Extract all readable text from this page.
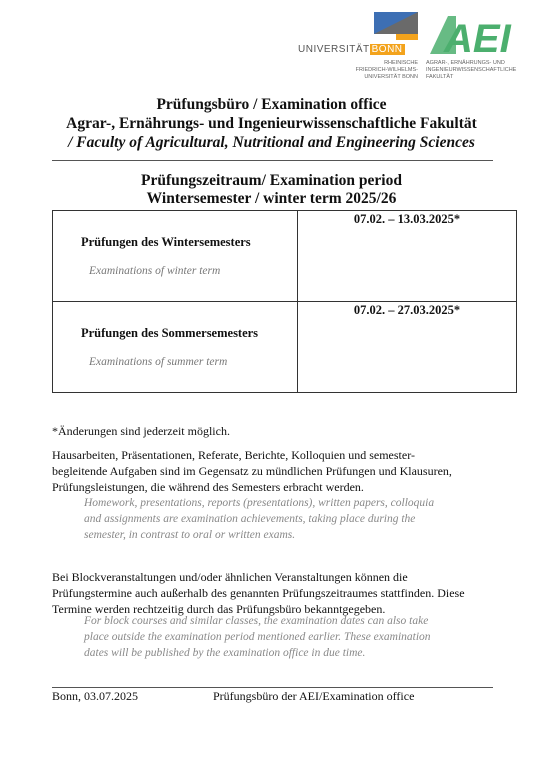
UNIVERSITÄT BONN
RHEINISCHE
FRIEDRICH-WILHELMS-
UNIVERSITÄT BONN
AEI
AGRAR-, ERNÄHRUNGS- UND
INGENIEURWISSENSCHAFTLICHE
FAKULTÄT
Prüfungsbüro / Examination office
Agrar-, Ernährungs- und Ingenieurwissenschaftliche Fakultät
/ Faculty of Agricultural, Nutritional and Engineering Sciences
Prüfungszeitraum/ Examination period
Wintersemester / winter term 2025/26
Prüfungen des Wintersemesters
Examinations of winter term	07.02. – 13.03.2025*

Prüfungen des Sommersemesters
Examinations of summer term	07.02. – 27.03.2025*
*Änderungen sind jederzeit möglich.
Hausarbeiten, Präsentationen, Referate, Berichte, Kolloquien und semester-
begleitende Aufgaben sind im Gegensatz zu mündlichen Prüfungen und Klausuren,
Prüfungsleistungen, die während des Semesters erbracht werden.
Homework, presentations, reports (presentations), written papers, colloquia
and assignments are examination achievements, taking place during the
semester, in contrast to oral or written exams.
Bei Blockveranstaltungen und/oder ähnlichen Veranstaltungen können die
Prüfungstermine auch außerhalb des genannten Prüfungszeitraumes stattfinden. Diese
Termine werden rechtzeitig durch das Prüfungsbüro bekanntgegeben.
For block courses and similar classes, the examination dates can also take
place outside the examination period mentioned earlier. These examination
dates will be published by the examination office in due time.
Bonn, 03.07.2025	Prüfungsbüro der AEI/Examination office
